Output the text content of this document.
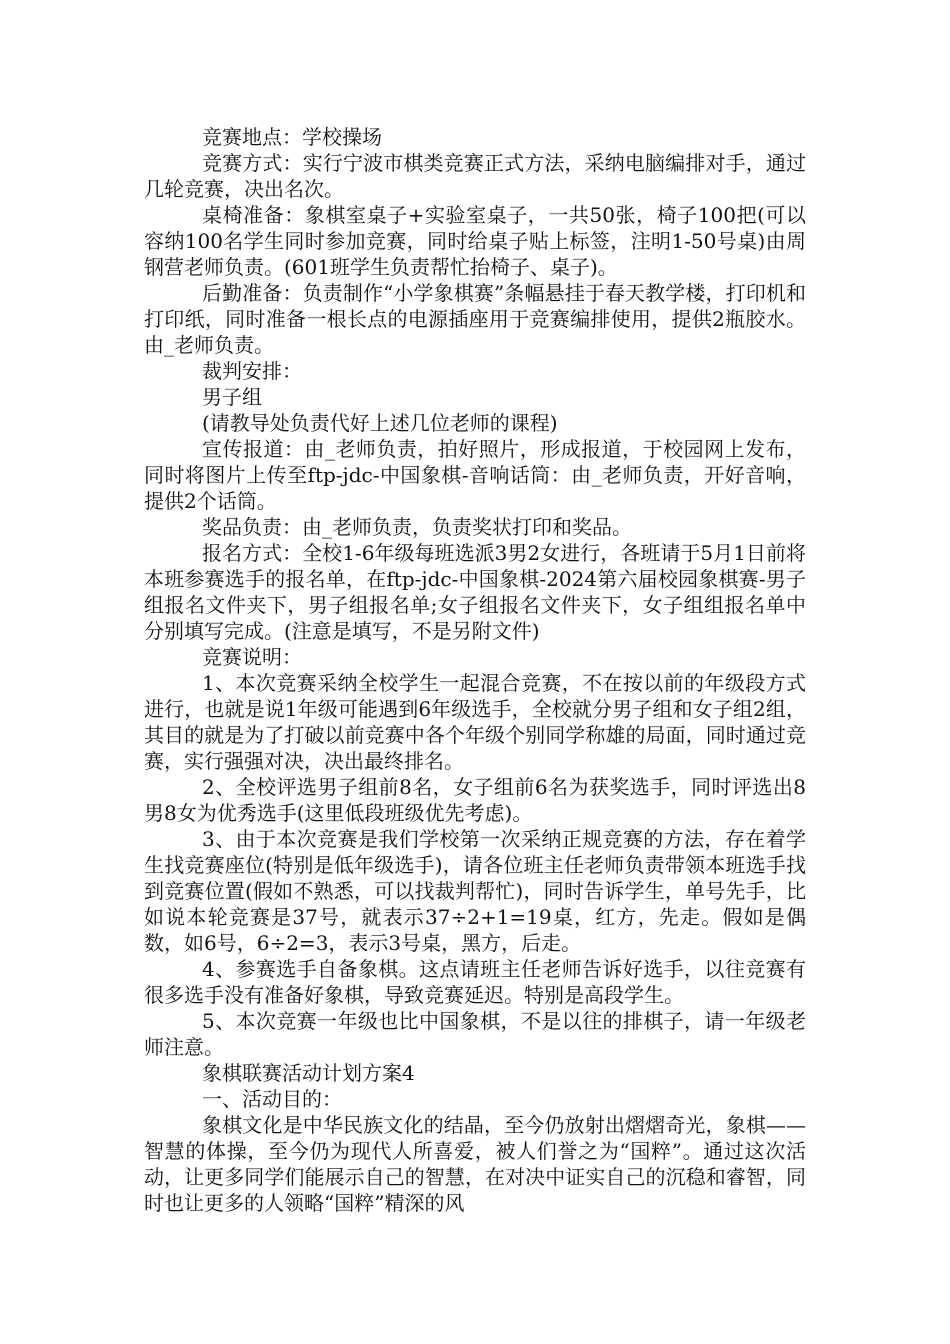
竞赛地点：学校操场

竞赛方式：实行宁波市棋类竞赛正式方法，采纳电脑编排对手，通过几轮竞赛，决出名次。

桌椅准备：象棋室桌子+实验室桌子，一共50张，椅子100把(可以容纳100名学生同时参加竞赛，同时给桌子贴上标签，注明1-50号桌)由周钢营老师负责。(601班学生负责帮忙抬椅子、桌子)。

后勤准备：负责制作“小学象棋赛”条幅悬挂于春天教学楼，打印机和打印纸，同时准备一根长点的电源插座用于竞赛编排使用，提供2瓶胶水。由_老师负责。

裁判安排：

男子组

(请教导处负责代好上述几位老师的课程)

宣传报道：由_老师负责，拍好照片，形成报道，于校园网上发布，同时将图片上传至ftp-jdc-中国象棋-音响话筒：由_老师负责，开好音响，提供2个话筒。

奖品负责：由_老师负责，负责奖状打印和奖品。

报名方式：全校1-6年级每班选派3男2女进行，各班请于5月1日前将本班参赛选手的报名单，在ftp-jdc-中国象棋-2024第六届校园象棋赛-男子组报名文件夹下，男子组报名单;女子组报名文件夹下，女子组组报名单中分别填写完成。(注意是填写，不是另附文件)

竞赛说明：

1、本次竞赛采纳全校学生一起混合竞赛，不在按以前的年级段方式进行，也就是说1年级可能遇到6年级选手，全校就分男子组和女子组2组，其目的就是为了打破以前竞赛中各个年级个别同学称雄的局面，同时通过竞赛，实行强强对决，决出最终排名。

2、全校评选男子组前8名，女子组前6名为获奖选手，同时评选出8男8女为优秀选手(这里低段班级优先考虑)。

3、由于本次竞赛是我们学校第一次采纳正规竞赛的方法，存在着学生找竞赛座位(特别是低年级选手)，请各位班主任老师负责带领本班选手找到竞赛位置(假如不熟悉，可以找裁判帮忙)，同时告诉学生，单号先手，比如说本轮竞赛是37号，就表示37÷2+1=19桌，红方，先走。假如是偶数，如6号，6÷2=3，表示3号桌，黑方，后走。

4、参赛选手自备象棋。这点请班主任老师告诉好选手，以往竞赛有很多选手没有准备好象棋，导致竞赛延迟。特别是高段学生。

5、本次竞赛一年级也比中国象棋，不是以往的排棋子，请一年级老师注意。

象棋联赛活动计划方案4

一、活动目的：

象棋文化是中华民族文化的结晶，至今仍放射出熠熠奇光，象棋——智慧的体操，至今仍为现代人所喜爱，被人们誉之为“国粹”。通过这次活动，让更多同学们能展示自己的智慧，在对决中证实自己的沉稳和睿智，同时也让更多的人领略“国粹”精深的风
